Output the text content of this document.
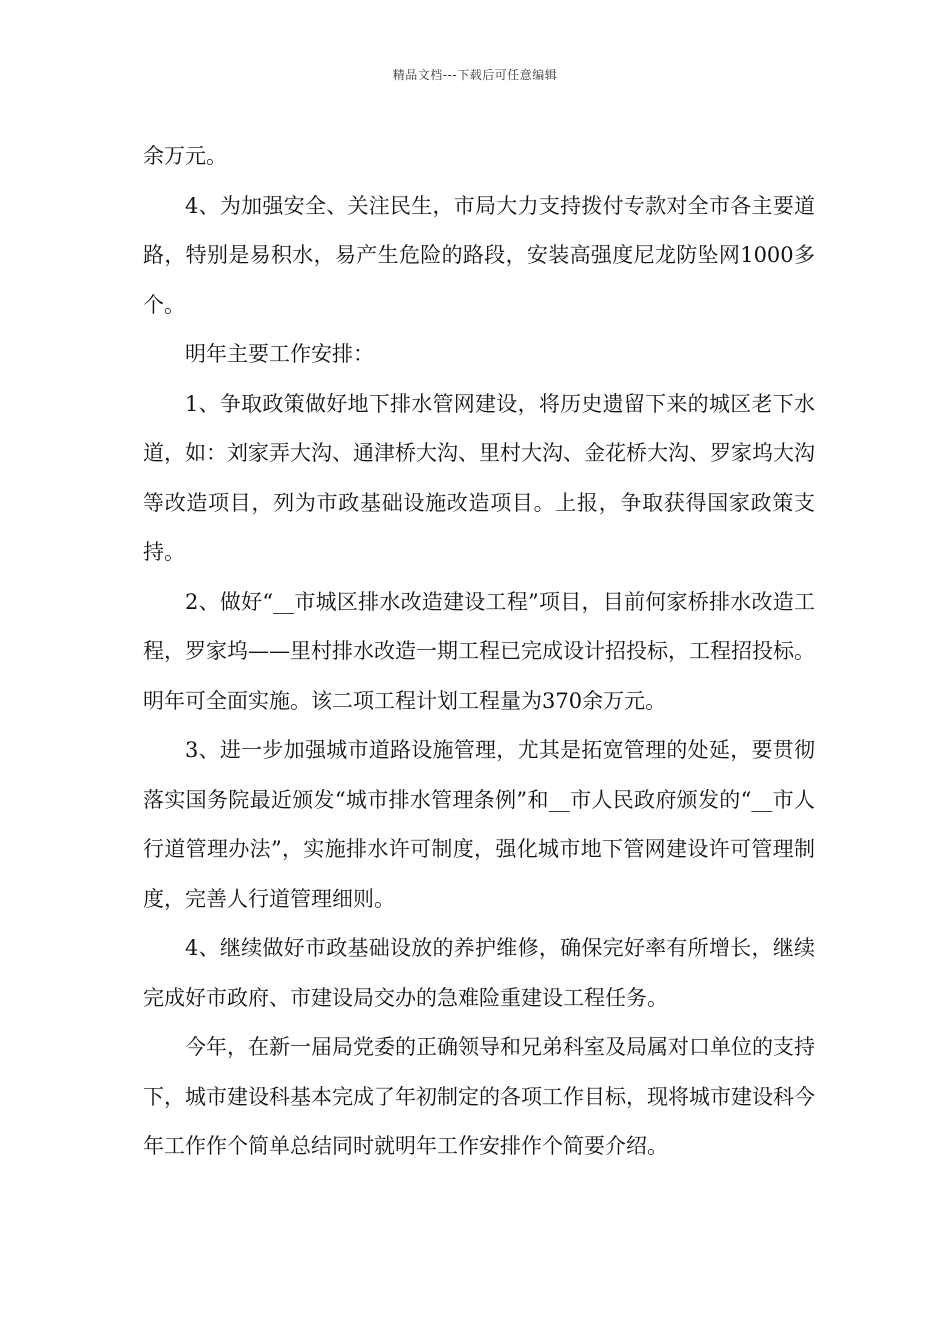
精品文档---下载后可任意编辑

余万元。

4、为加强安全、关注民生，市局大力支持拨付专款对全市各主要道路，特别是易积水，易产生危险的路段，安装高强度尼龙防坠网1000多个。

明年主要工作安排：

1、争取政策做好地下排水管网建设，将历史遗留下来的城区老下水道，如：刘家弄大沟、通津桥大沟、里村大沟、金花桥大沟、罗家坞大沟等改造项目，列为市政基础设施改造项目。上报，争取获得国家政策支持。

2、做好“__市城区排水改造建设工程”项目，目前何家桥排水改造工程，罗家坞——里村排水改造一期工程已完成设计招投标，工程招投标。明年可全面实施。该二项工程计划工程量为370余万元。

3、进一步加强城市道路设施管理，尤其是拓宽管理的处延，要贯彻落实国务院最近颁发“城市排水管理条例”和__市人民政府颁发的“__市人行道管理办法”，实施排水许可制度，强化城市地下管网建设许可管理制度，完善人行道管理细则。

4、继续做好市政基础设放的养护维修，确保完好率有所增长，继续完成好市政府、市建设局交办的急难险重建设工程任务。

今年，在新一届局党委的正确领导和兄弟科室及局属对口单位的支持下，城市建设科基本完成了年初制定的各项工作目标，现将城市建设科今年工作作个简单总结同时就明年工作安排作个简要介绍。
